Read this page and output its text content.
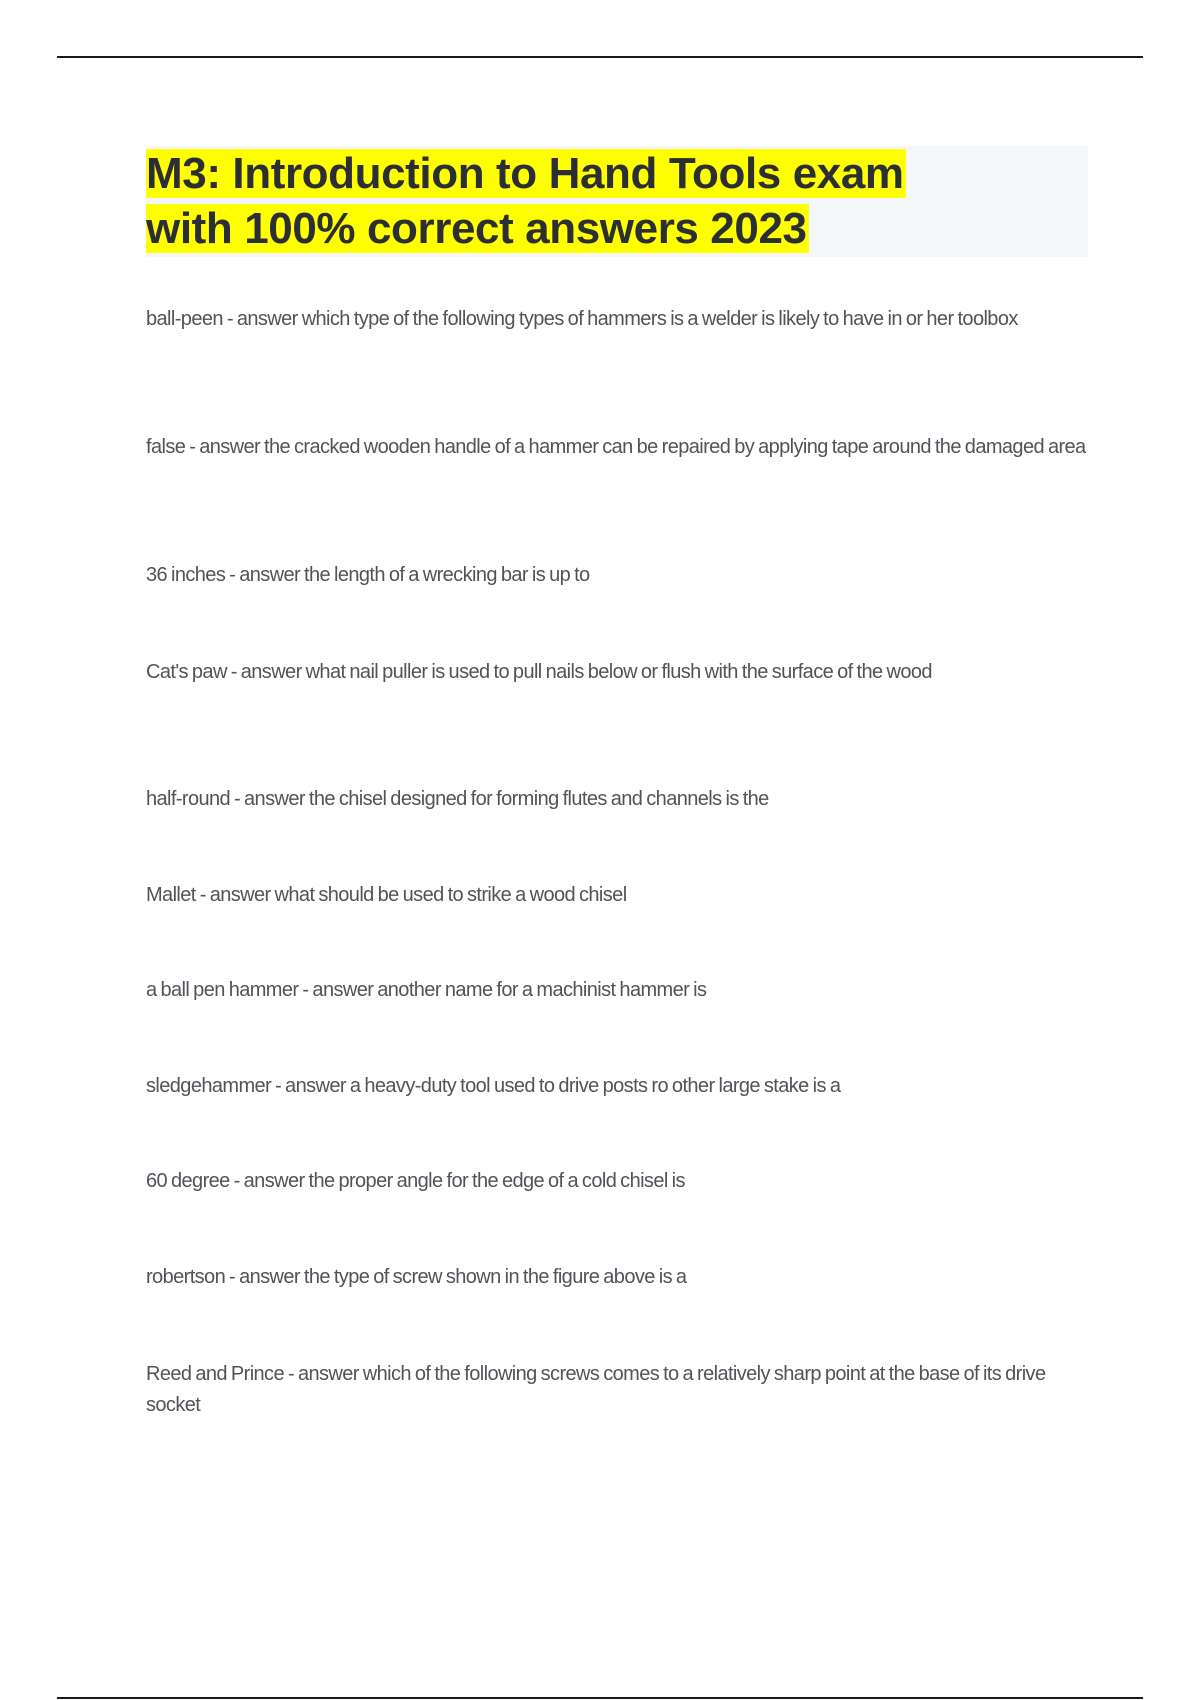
M3: Introduction to Hand Tools exam
with 100% correct answers 2023
ball-peen - answer which type of the following types of hammers is a welder is likely to have in or her toolbox
false - answer the cracked wooden handle of a hammer can be repaired by applying tape around the damaged area
36 inches - answer the length of a wrecking bar is up to
Cat's paw - answer what nail puller is used to pull nails below or flush with the surface of the wood
half-round - answer the chisel designed for forming flutes and channels is the
Mallet - answer what should be used to strike a wood chisel
a ball pen hammer - answer another name for a machinist hammer is
sledgehammer - answer a heavy-duty tool used to drive posts ro other large stake is a
60 degree - answer the proper angle for the edge of a cold chisel is
robertson - answer the type of screw shown in the figure above is a
Reed and Prince - answer which of the following screws comes to a relatively sharp point at the base of its drive socket
